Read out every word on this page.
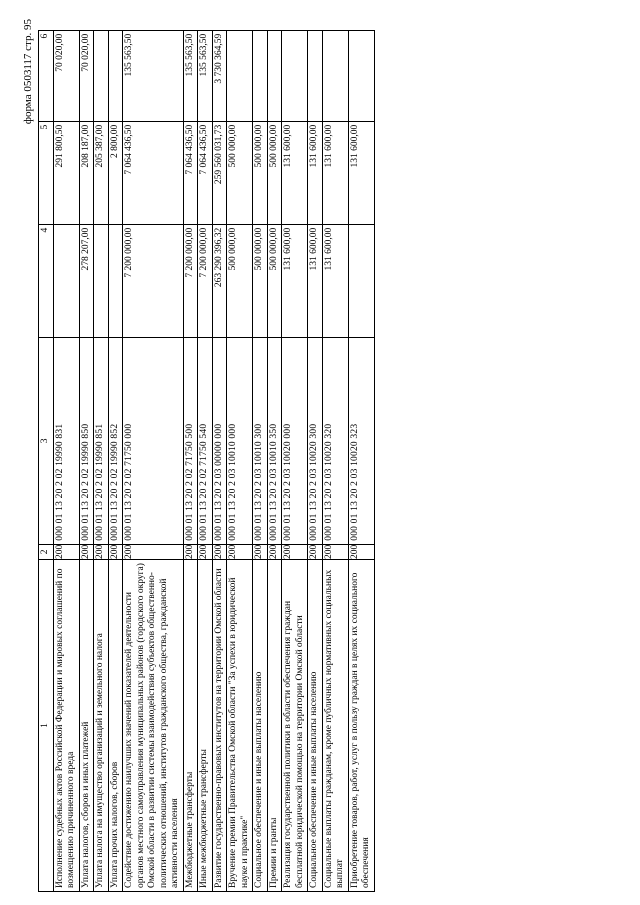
форма 0503117 стр. 95
1	2	3	4	5	6
Исполнение судебных актов Российской Федерации и мировых соглашений по возмещению причиненного вреда	200	000 01 13 20 2 02 19990 831		291 800,50	70 020,00
Уплата налогов, сборов и иных платежей	200	000 01 13 20 2 02 19990 850	278 207,00	208 187,00	70 020,00
Уплата налога на имущество организаций и земельного налога	200	000 01 13 20 2 02 19990 851		205 387,00	
Уплата прочих налогов, сборов	200	000 01 13 20 2 02 19990 852		2 800,00	
Содействие достижению наилучших значений показателей деятельности органов местного самоуправления муниципальных районов (городского округа) Омской области в развитии системы взаимодействия субъектов общественно-политических отношений, институтов гражданского общества, гражданской активности населения	200	000 01 13 20 2 02 71750 000	7 200 000,00	7 064 436,50	135 563,50
Межбюджетные трансферты	200	000 01 13 20 2 02 71750 500	7 200 000,00	7 064 436,50	135 563,50
Иные межбюджетные трансферты	200	000 01 13 20 2 02 71750 540	7 200 000,00	7 064 436,50	135 563,50
Развитие государственно-правовых институтов на территории Омской области	200	000 01 13 20 2 03 00000 000	263 290 396,32	259 560 031,73	3 730 364,59
Вручение премии Правительства Омской области "За успехи в юридической науке и практике"	200	000 01 13 20 2 03 10010 000	500 000,00	500 000,00	
Социальное обеспечение и иные выплаты населению	200	000 01 13 20 2 03 10010 300	500 000,00	500 000,00	
Премии и гранты	200	000 01 13 20 2 03 10010 350	500 000,00	500 000,00	
Реализация государственной политики в области обеспечения граждан бесплатной юридической помощью на территории Омской области	200	000 01 13 20 2 03 10020 000	131 600,00	131 600,00	
Социальное обеспечение и иные выплаты населению	200	000 01 13 20 2 03 10020 300	131 600,00	131 600,00	
Социальные выплаты гражданам, кроме публичных нормативных социальных выплат	200	000 01 13 20 2 03 10020 320	131 600,00	131 600,00	
Приобретение товаров, работ, услуг в пользу граждан в целях их социального обеспечения	200	000 01 13 20 2 03 10020 323		131 600,00	
